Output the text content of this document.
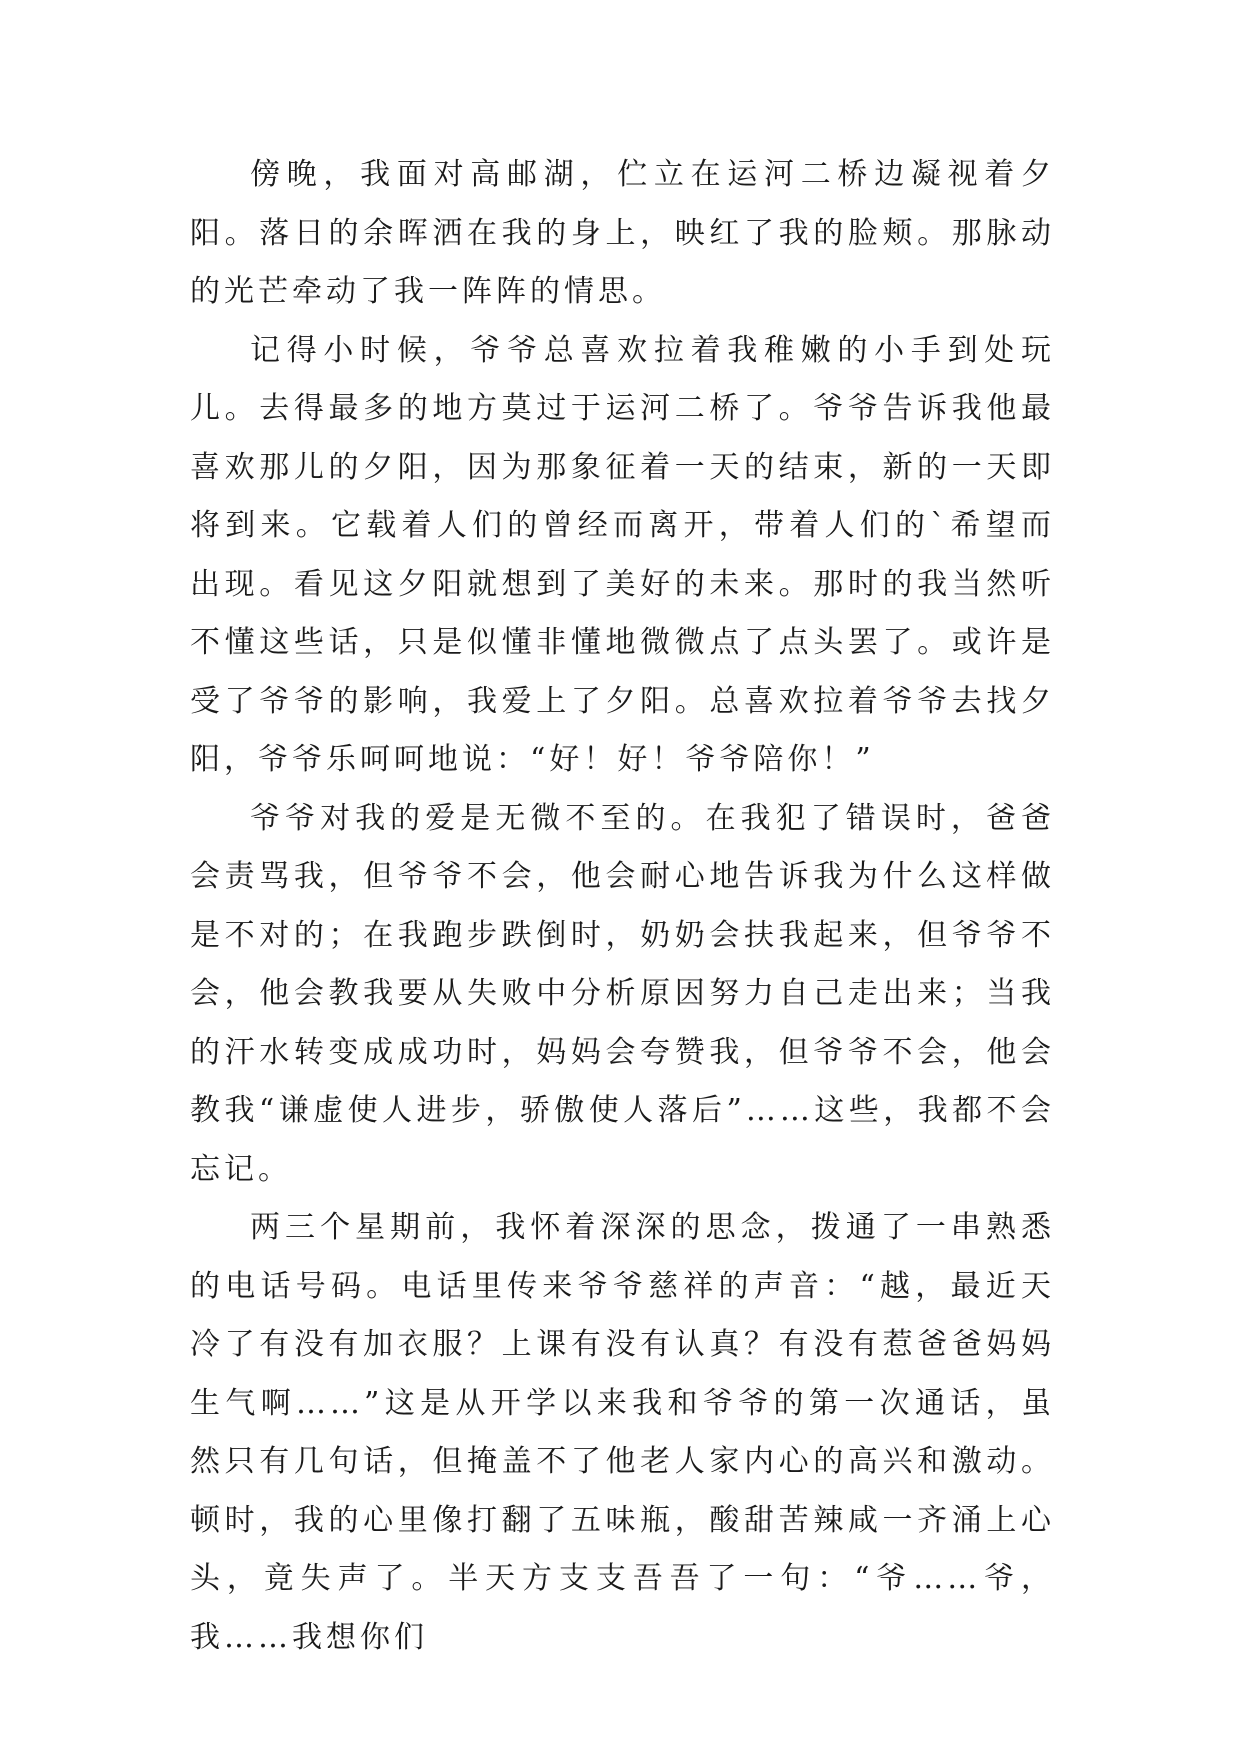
傍晚，我面对高邮湖，伫立在运河二桥边凝视着夕阳。落日的余晖洒在我的身上，映红了我的脸颊。那脉动的光芒牵动了我一阵阵的情思。

记得小时候，爷爷总喜欢拉着我稚嫩的小手到处玩儿。去得最多的地方莫过于运河二桥了。爷爷告诉我他最喜欢那儿的夕阳，因为那象征着一天的结束，新的一天即将到来。它载着人们的曾经而离开，带着人们的`希望而出现。看见这夕阳就想到了美好的未来。那时的我当然听不懂这些话，只是似懂非懂地微微点了点头罢了。或许是受了爷爷的影响，我爱上了夕阳。总喜欢拉着爷爷去找夕阳，爷爷乐呵呵地说：“好！好！爷爷陪你！”

爷爷对我的爱是无微不至的。在我犯了错误时，爸爸会责骂我，但爷爷不会，他会耐心地告诉我为什么这样做是不对的；在我跑步跌倒时，奶奶会扶我起来，但爷爷不会，他会教我要从失败中分析原因努力自己走出来；当我的汗水转变成成功时，妈妈会夸赞我，但爷爷不会，他会教我“谦虚使人进步，骄傲使人落后”……这些，我都不会忘记。

两三个星期前，我怀着深深的思念，拨通了一串熟悉的电话号码。电话里传来爷爷慈祥的声音：“越，最近天冷了有没有加衣服？上课有没有认真？有没有惹爸爸妈妈生气啊……”这是从开学以来我和爷爷的第一次通话，虽然只有几句话，但掩盖不了他老人家内心的高兴和激动。顿时，我的心里像打翻了五味瓶，酸甜苦辣咸一齐涌上心头，竟失声了。半天方支支吾吾了一句：“爷……爷，我……我想你们
